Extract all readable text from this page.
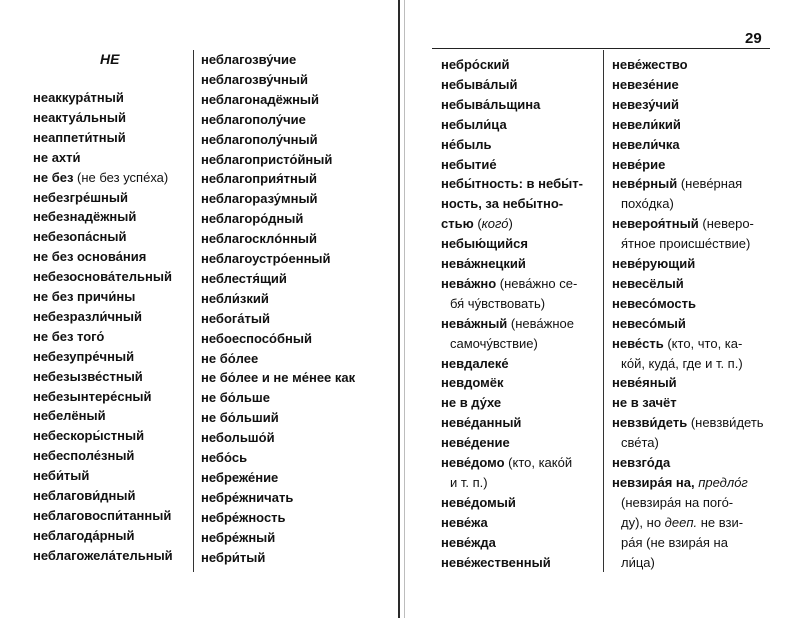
29
НЕ
неаккура́тный
неактуа́льный
неаппети́тный
не ахти́
не без (не без успе́ха)
небезгре́шный
небезнадёжный
небезопа́сный
не без основа́ния
небезоснова́тельный
не без причи́ны
небезразли́чный
не без того́
небезупре́чный
небезызве́стный
небезынтере́сный
небелёный
небескоры́стный
небесполе́зный
неби́тый
неблагови́дный
неблаговоспи́танный
неблагода́рный
неблагожела́тельный
неблагозву́чие
неблагозву́чный
неблагонадёжный
неблагополу́чие
неблагополу́чный
неблагопристо́йный
неблагоприя́тный
неблагоразу́мный
неблагоро́дный
неблагосклóнный
неблагоустро́енный
неблестя́щий
небли́зкий
небога́тый
небоеспосо́бный
не бо́лее
не бо́лее и не ме́нее как
не бо́льше
не бо́льший
небольшо́й
небо́сь
небреже́ние
небре́жничать
небре́жность
небре́жный
небри́тый
небро́ский
небыва́лый
небыва́льщина
небыли́ца
не́быль
небытие́
небы́тность: в небы́т-
ность, за небы́тно-
стью (кого́)
небыю́щийся
нева́жнецкий
нева́жно (нева́жно се-
бя́ чу́вствовать)
нева́жный (нева́жное
самочу́вствие)
невдалеке́
невдомёк
не в ду́хе
неве́данный
неве́дение
неве́домо (кто, како́й
и т. п.)
неве́домый
неве́жа
неве́жда
неве́жественный
неве́жество
невезе́ние
невезу́чий
невели́кий
невели́чка
неве́рие
невéрный (неве́рная
похо́дка)
невероя́тный (неверо-
я́тное происше́ствие)
неве́рующий
невесёлый
невесо́мость
невесо́мый
неве́сть (кто, что, ка-
ко́й, куда́, где и т. п.)
неве́яный
не в зачёт
невзви́деть (невзви́деть
све́та)
невзго́да
невзира́я на, предло́г
(невзира́я на пого́-
ду), но дееп. не взи-
ра́я (не взира́я на
ли́ца)
